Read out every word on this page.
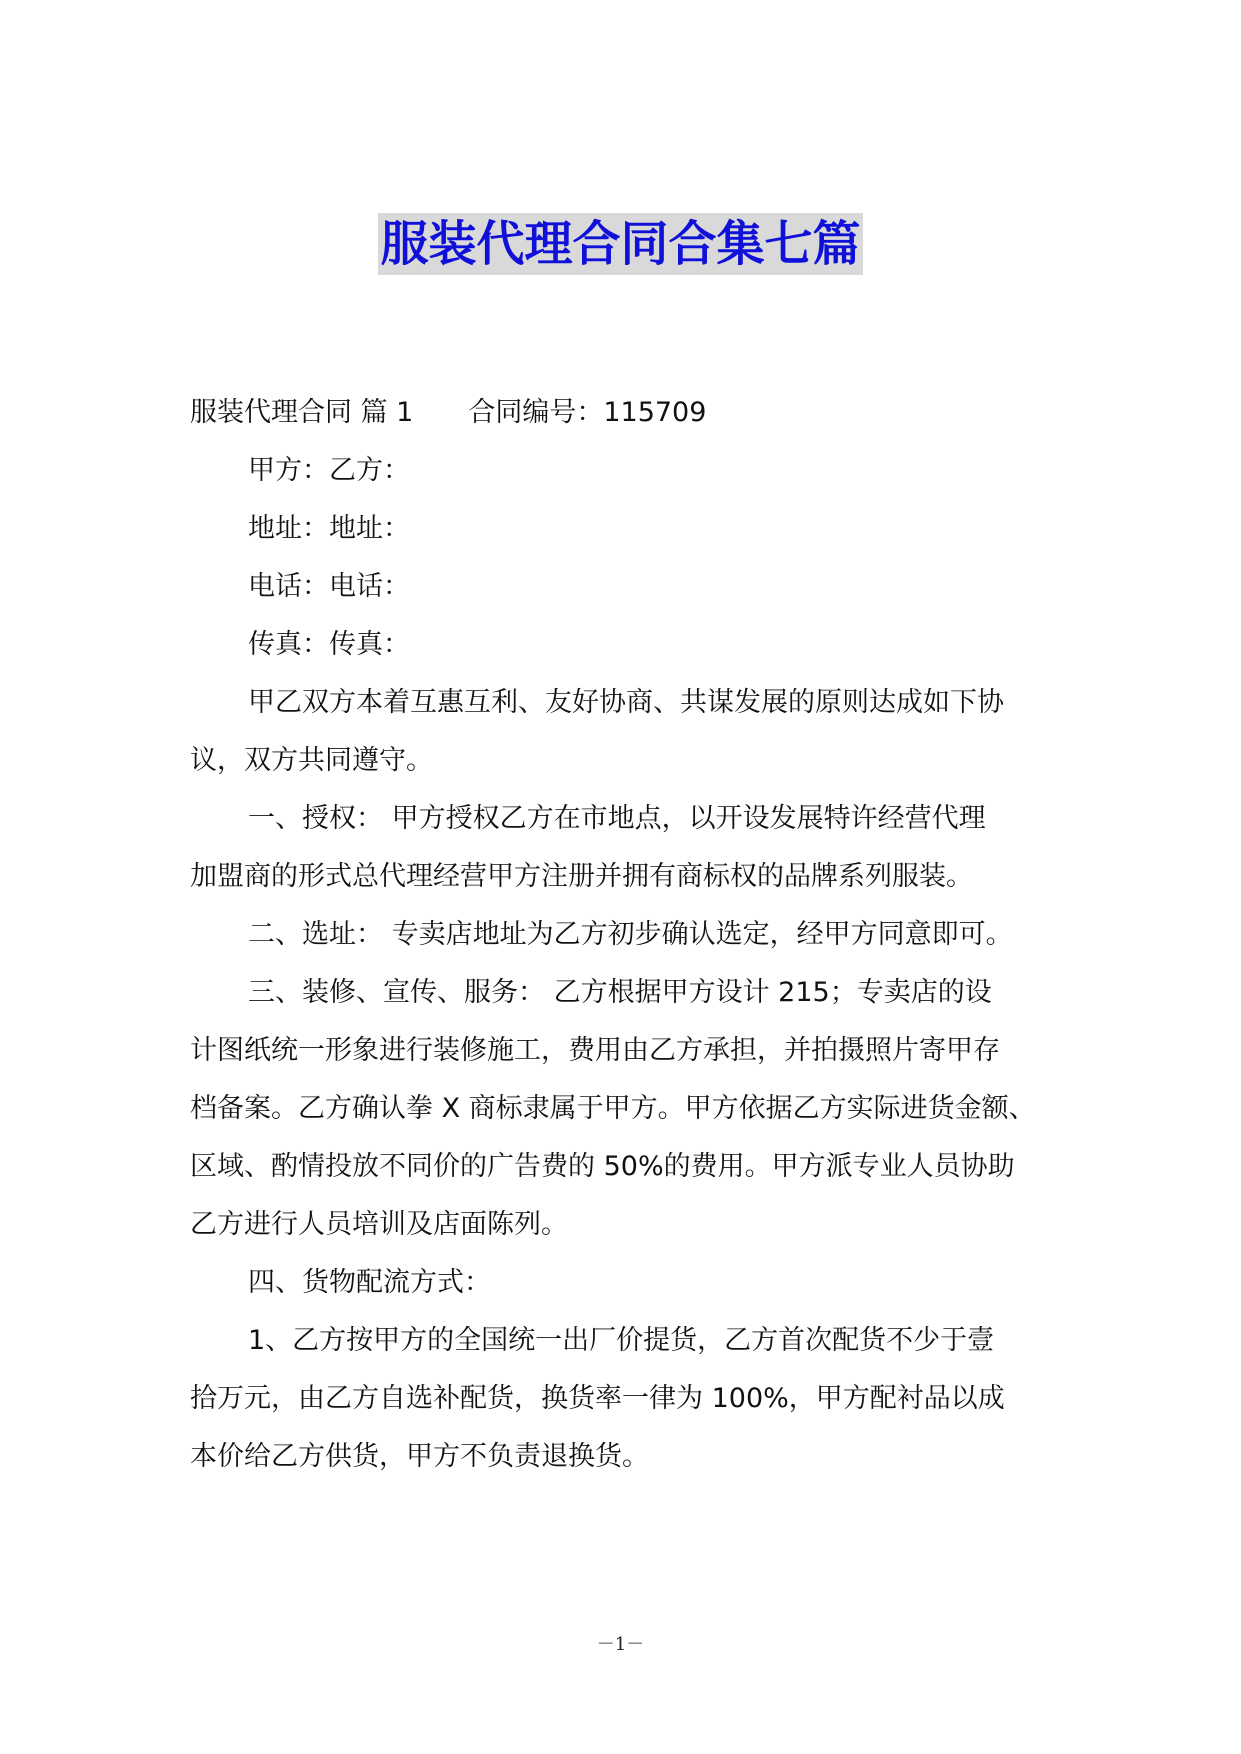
服装代理合同合集七篇
服装代理合同 篇 1 合同编号：115709
甲方：乙方：
地址：地址：
电话：电话：
传真：传真：
甲乙双方本着互惠互利、友好协商、共谋发展的原则达成如下协
议，双方共同遵守。
一、授权： 甲方授权乙方在市地点，以开设发展特许经营代理
加盟商的形式总代理经营甲方注册并拥有商标权的品牌系列服装。
二、选址： 专卖店地址为乙方初步确认选定，经甲方同意即可。
三、装修、宣传、服务： 乙方根据甲方设计 215；专卖店的设
计图纸统一形象进行装修施工，费用由乙方承担，并拍摄照片寄甲存
档备案。乙方确认拳 X 商标隶属于甲方。甲方依据乙方实际进货金额、
区域、酌情投放不同价的广告费的 50%的费用。甲方派专业人员协助
乙方进行人员培训及店面陈列。
四、货物配流方式：
1、乙方按甲方的全国统一出厂价提货，乙方首次配货不少于壹
拾万元，由乙方自选补配货，换货率一律为 100%，甲方配衬品以成
本价给乙方供货，甲方不负责退换货。
－1－
